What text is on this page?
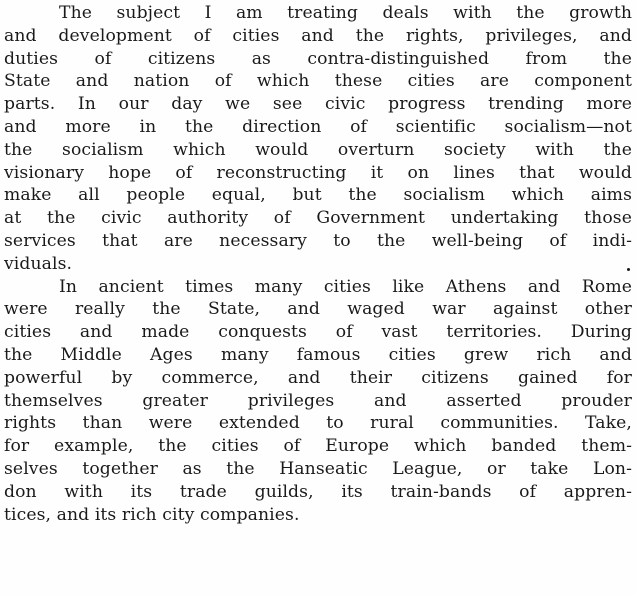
The subject I am treating deals with the growth
and development of cities and the rights, privileges, and
duties of citizens as contra-distinguished from the
State and nation of which these cities are component
parts. In our day we see civic progress trending more
and more in the direction of scientific socialism—not
the socialism which would overturn society with the
visionary hope of reconstructing it on lines that would
make all people equal, but the socialism which aims
at the civic authority of Government undertaking those
services that are necessary to the well-being of indi-
viduals.
In ancient times many cities like Athens and Rome
were really the State, and waged war against other
cities and made conquests of vast territories. During
the Middle Ages many famous cities grew rich and
powerful by commerce, and their citizens gained for
themselves greater privileges and asserted prouder
rights than were extended to rural communities. Take,
for example, the cities of Europe which banded them-
selves together as the Hanseatic League, or take Lon-
don with its trade guilds, its train-bands of appren-
tices, and its rich city companies.
